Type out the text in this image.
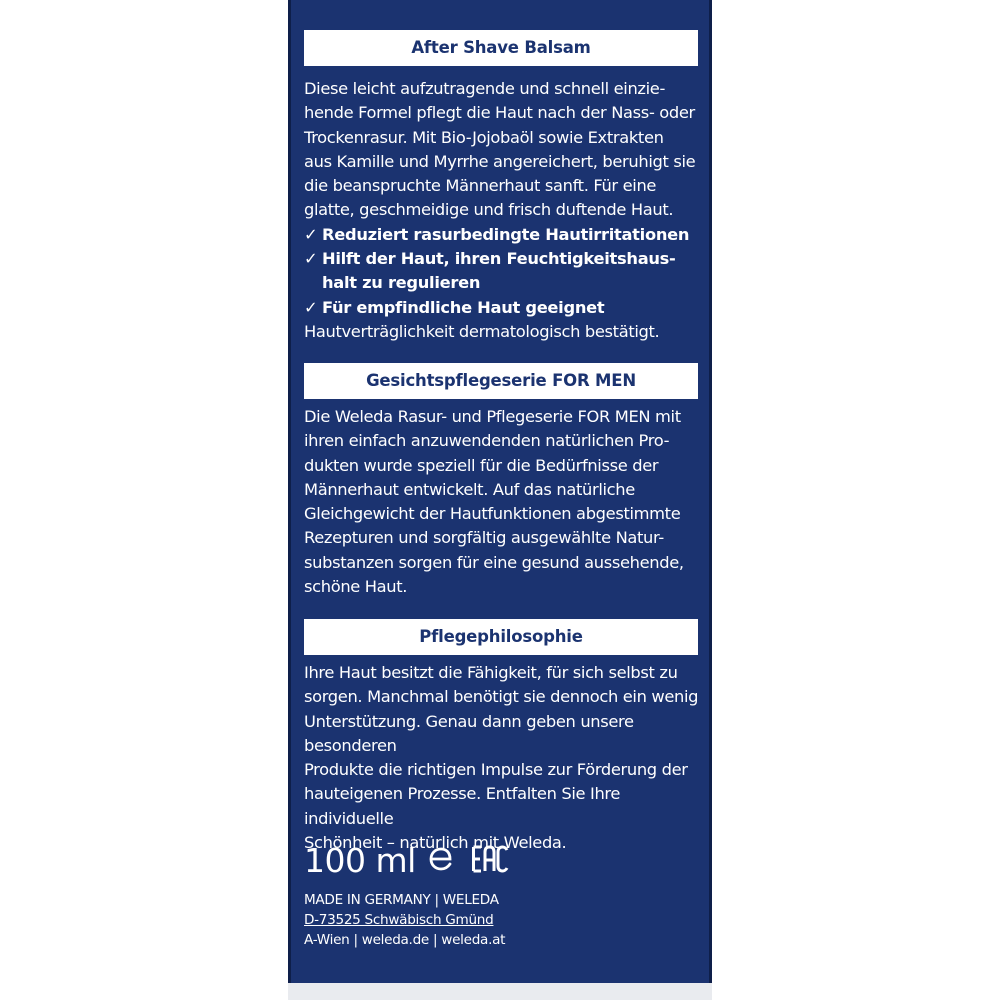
After Shave Balsam

Diese leicht aufzutragende und schnell einzie-

hende Formel pflegt die Haut nach der Nass- oder

Trockenrasur. Mit Bio-Jojobaöl sowie Extrakten

aus Kamille und Myrrhe angereichert, beruhigt sie

die beanspruchte Männerhaut sanft. Für eine

glatte, geschmeidige und frisch duftende Haut.

✓ Reduziert rasurbedingte Hautirritationen
✓ Hilft der Haut, ihren Feuchtigkeitshaus-
halt zu regulieren
✓ Für empfindliche Haut geeignet

Hautverträglichkeit dermatologisch bestätigt.

Gesichtspflegeserie FOR MEN

Die Weleda Rasur- und Pflegeserie FOR MEN mit

ihren einfach anzuwendenden natürlichen Pro-

dukten wurde speziell für die Bedürfnisse der

Männerhaut entwickelt. Auf das natürliche

Gleichgewicht der Hautfunktionen abgestimmte

Rezepturen und sorgfältig ausgewählte Natur-

substanzen sorgen für eine gesund aussehende,

schöne Haut.

Pflegephilosophie

Ihre Haut besitzt die Fähigkeit, für sich selbst zu

sorgen. Manchmal benötigt sie dennoch ein wenig

Unterstützung. Genau dann geben unsere besonderen

Produkte die richtigen Impulse zur Förderung der

hauteigenen Prozesse. Entfalten Sie Ihre individuelle

Schönheit – natürlich mit Weleda.

100 ml
MADE IN GERMANY | WELEDA
D-73525 Schwäbisch Gmünd
A-Wien | weleda.de | weleda.at
